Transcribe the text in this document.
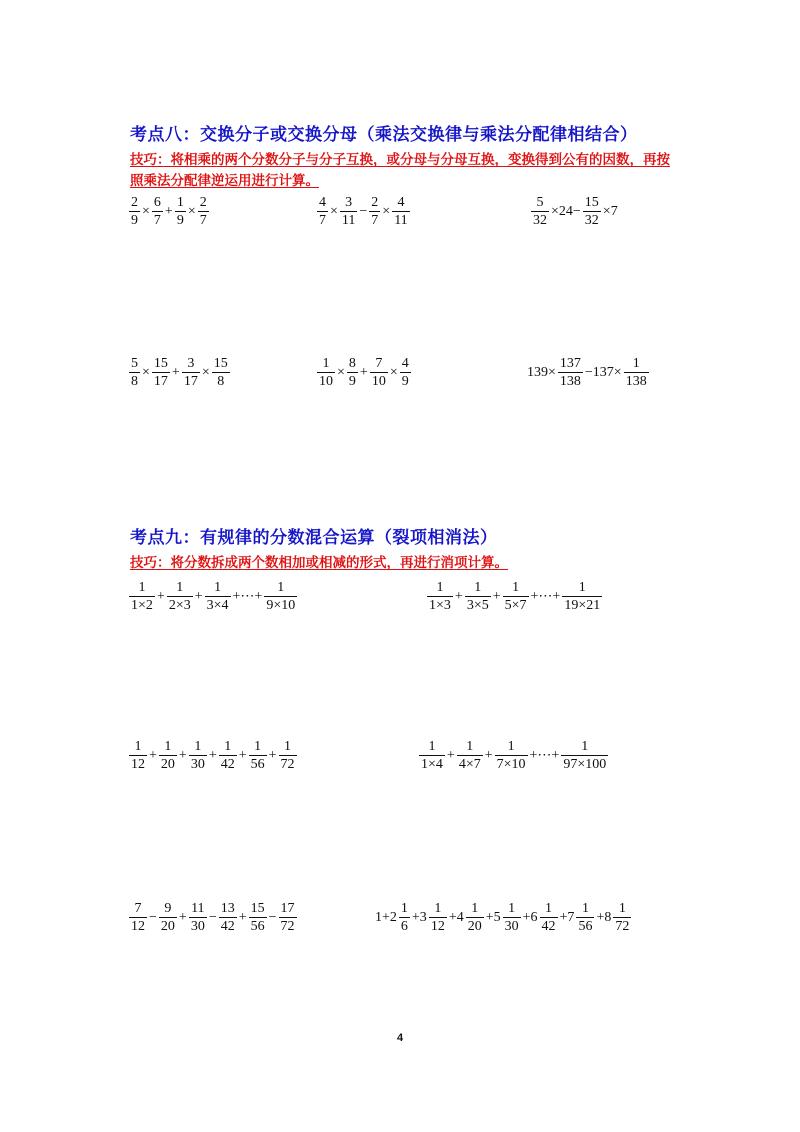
考点八：交换分子或交换分母（乘法交换律与乘法分配律相结合）
技巧：将相乘的两个分数分子与分子互换，或分母与分母互换，变换得到公有的因数，再按照乘法分配律逆运用进行计算。
$\frac{2}{9} \times \frac{6}{7} + \frac{1}{9} \times \frac{2}{7}$	$\frac{4}{7} \times \frac{3}{11} - \frac{2}{7} \times \frac{4}{11}$	$\frac{5}{32} \times 24- \frac{15}{32} \times 7$
$\frac{5}{8} \times \frac{15}{17} + \frac{3}{17} \times \frac{15}{8}$	$\frac{1}{10} \times \frac{8}{9} + \frac{7}{10} \times \frac{4}{9}$	$139\times \frac{137}{138} -137\times \frac{1}{138}$
考点九：有规律的分数混合运算（裂项相消法）
技巧：将分数拆成两个数相加或相减的形式，再进行消项计算。
$\frac{1}{1\times 2} + \frac{1}{2\times 3} + \frac{1}{3\times 4}$ +⋯+ $\frac{1}{9\times 10}$	$\frac{1}{1\times 3} + \frac{1}{3\times 5} + \frac{1}{5\times 7}$ +⋯+ $\frac{1}{19\times 21}$
$\frac{1}{12} + \frac{1}{20} + \frac{1}{30} + \frac{1}{42} + \frac{1}{56} + \frac{1}{72}$	$\frac{1}{1\times 4} + \frac{1}{4\times 7} + \frac{1}{7\times 10}$ +⋯+ $\frac{1}{97\times 100}$
$\frac{7}{12} - \frac{9}{20} + \frac{11}{30} - \frac{13}{42} + \frac{15}{56} - \frac{17}{72}$	$1+2 \frac{1}{6} +3 \frac{1}{12} +4 \frac{1}{20} +5 \frac{1}{30} +6 \frac{1}{42} +7 \frac{1}{56} +8 \frac{1}{72}$
4
